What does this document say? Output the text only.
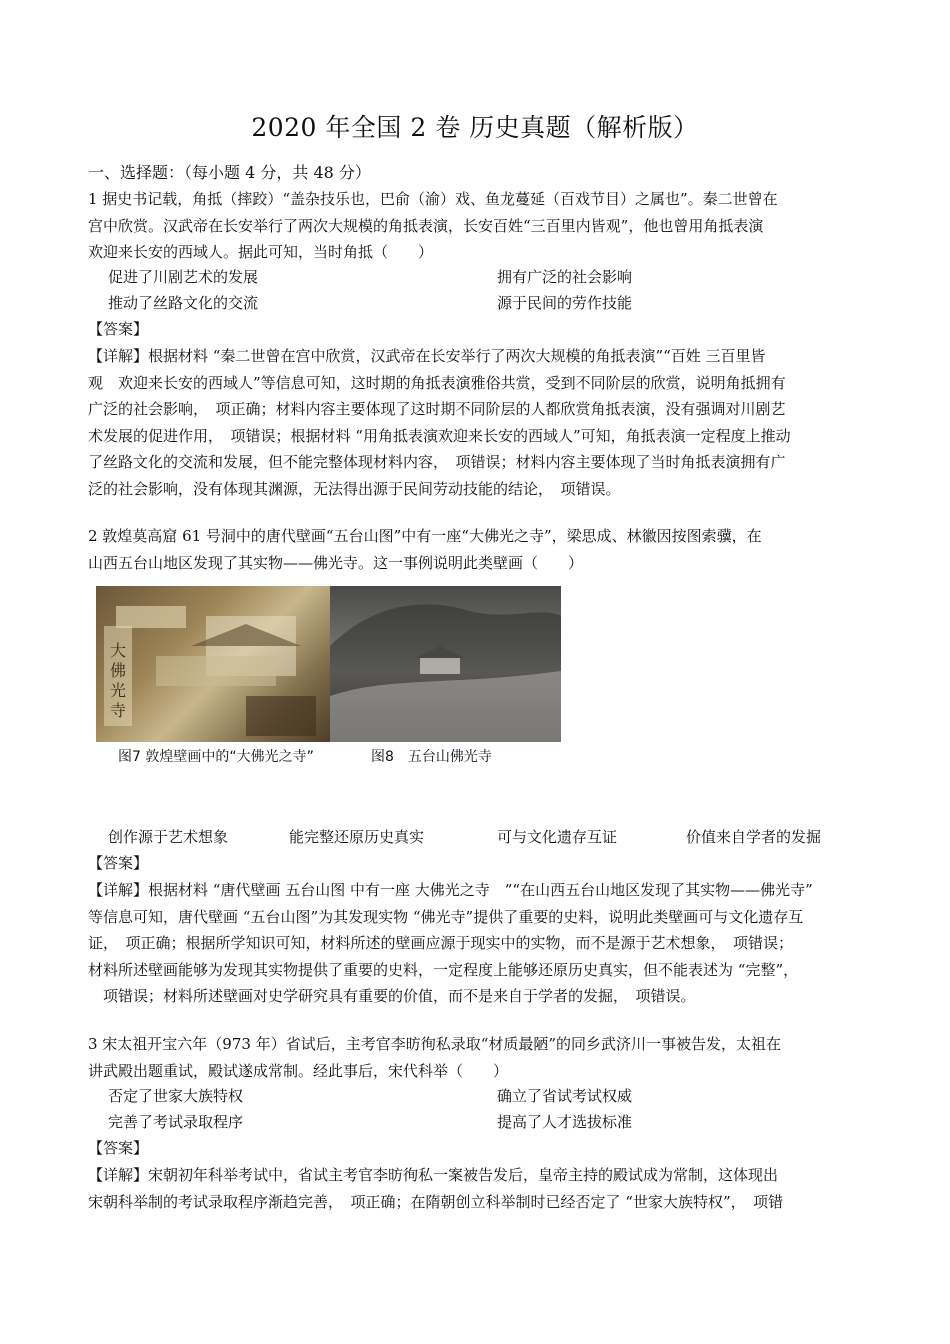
2020 年全国 2 卷 历史真题（解析版）
一、选择题：（每小题 4 分，共 48 分）
1 据史书记载，角抵（摔跤）“盖杂技乐也，巴俞（渝）戏、鱼龙蔓延（百戏节目）之属也”。秦二世曾在
宫中欣赏。汉武帝在长安举行了两次大规模的角抵表演，长安百姓“三百里内皆观”，他也曾用角抵表演
欢迎来长安的西域人。据此可知，当时角抵（　　）
促进了川剧艺术的发展	拥有广泛的社会影响
推动了丝路文化的交流	源于民间的劳作技能
【答案】
【详解】根据材料 “秦二世曾在宫中欣赏，汉武帝在长安举行了两次大规模的角抵表演”“百姓 三百里皆
观　欢迎来长安的西域人”等信息可知，这时期的角抵表演雅俗共赏，受到不同阶层的欣赏，说明角抵拥有
广泛的社会影响，　项正确；材料内容主要体现了这时期不同阶层的人都欣赏角抵表演，没有强调对川剧艺
术发展的促进作用，　项错误；根据材料 “用角抵表演欢迎来长安的西域人”可知，角抵表演一定程度上推动
了丝路文化的交流和发展，但不能完整体现材料内容，　项错误；材料内容主要体现了当时角抵表演拥有广
泛的社会影响，没有体现其渊源，无法得出源于民间劳动技能的结论，　项错误。
2 敦煌莫高窟 61 号洞中的唐代壁画“五台山图”中有一座“大佛光之寺”，梁思成、林徽因按图索骥，在
山西五台山地区发现了其实物——佛光寺。这一事例说明此类壁画（　　）
大
佛
光
寺
图7 敦煌壁画中的“大佛光之寺”	图8　五台山佛光寺
创作源于艺术想象	能完整还原历史真实	可与文化遗存互证	价值来自学者的发掘
【答案】
【详解】根据材料 “唐代壁画 五台山图 中有一座 大佛光之寺　”“在山西五台山地区发现了其实物——佛光寺”
等信息可知，唐代壁画 “五台山图”为其发现实物 “佛光寺”提供了重要的史料，说明此类壁画可与文化遗存互
证，　项正确；根据所学知识可知，材料所述的壁画应源于现实中的实物，而不是源于艺术想象，　项错误；
材料所述壁画能够为发现其实物提供了重要的史料，一定程度上能够还原历史真实，但不能表述为 “完整”，
　项错误；材料所述壁画对史学研究具有重要的价值，而不是来自于学者的发掘，　项错误。
3 宋太祖开宝六年（973 年）省试后，主考官李昉徇私录取“材质最陋”的同乡武济川一事被告发，太祖在
讲武殿出题重试，殿试遂成常制。经此事后，宋代科举（　　）
否定了世家大族特权	确立了省试考试权威
完善了考试录取程序	提高了人才选拔标准
【答案】
【详解】宋朝初年科举考试中，省试主考官李昉徇私一案被告发后，皇帝主持的殿试成为常制，这体现出
宋朝科举制的考试录取程序渐趋完善，　项正确；在隋朝创立科举制时已经否定了 “世家大族特权”，　项错
